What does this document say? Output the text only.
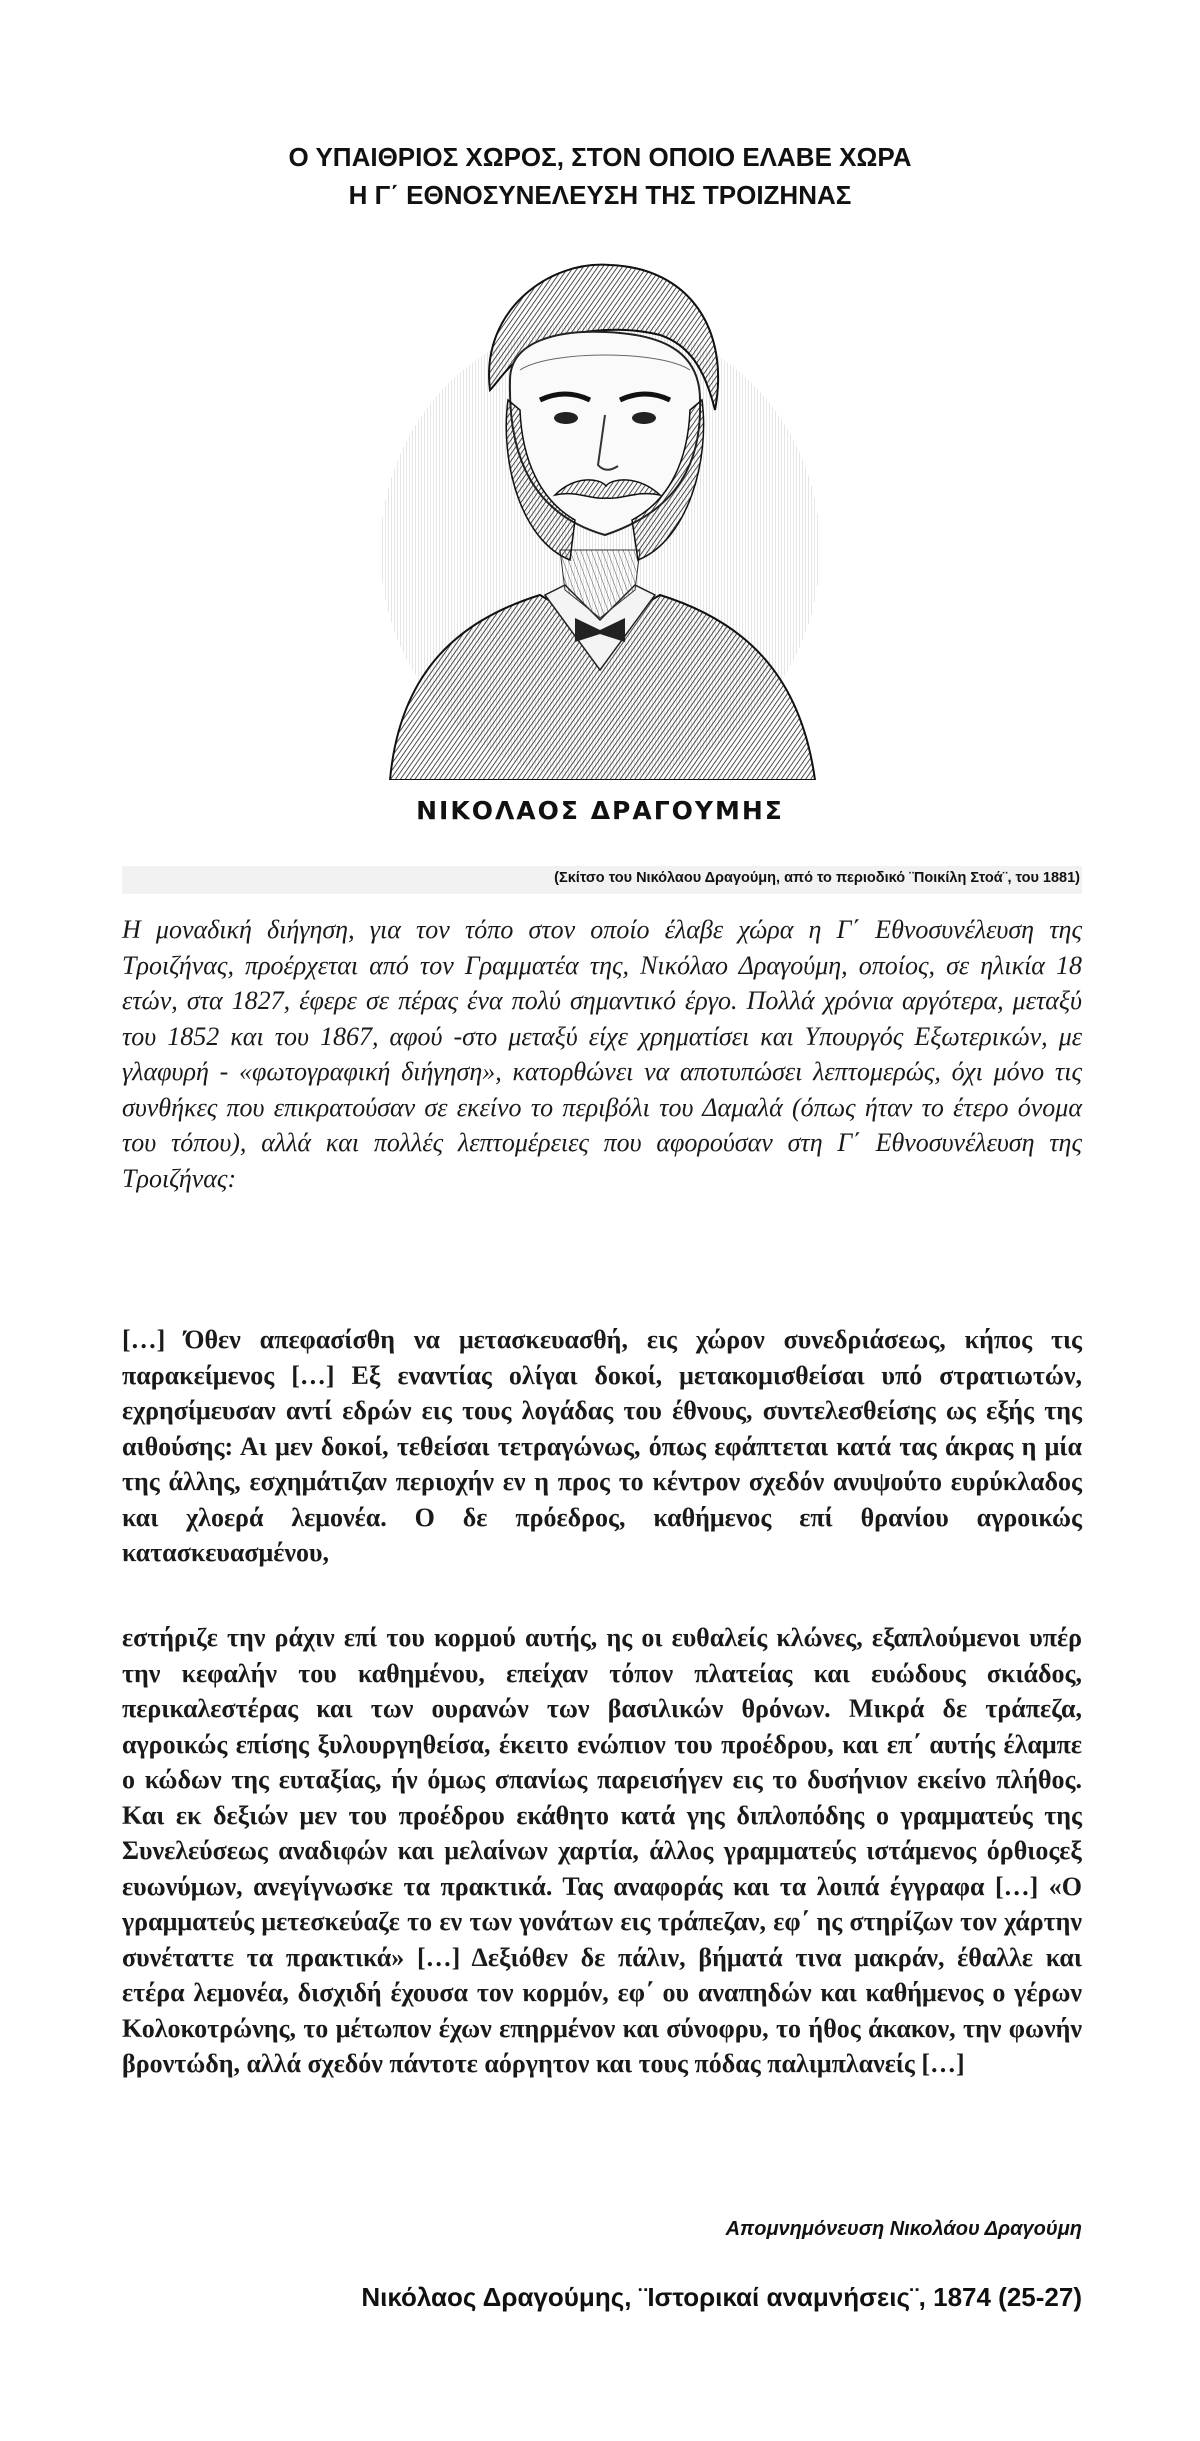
Ο ΥΠΑΙΘΡΙΟΣ ΧΩΡΟΣ, ΣΤΟΝ ΟΠΟΙΟ ΕΛΑΒΕ ΧΩΡΑ
Η Γ΄ ΕΘΝΟΣΥΝΕΛΕΥΣΗ ΤΗΣ ΤΡΟΙΖΗΝΑΣ
ΝΙΚΟΛΑΟΣ ΔΡΑΓΟΥΜΗΣ
(Σκίτσο του Νικόλαου Δραγούμη, από το περιοδικό ¨Ποικίλη Στοά¨, του 1881)
Η μοναδική διήγηση, για τον τόπο στον οποίο έλαβε χώρα η Γ΄ Εθνοσυνέλευση της Τροιζήνας, προέρχεται από τον Γραμματέα της, Νικόλαο Δραγούμη, οποίος, σε ηλικία 18 ετών, στα 1827, έφερε σε πέρας ένα πολύ σημαντικό έργο. Πολλά χρόνια αργότερα, μεταξύ του 1852 και του 1867, αφού -στο μεταξύ είχε χρηματίσει και Υπουργός Εξωτερικών, με γλαφυρή - «φωτογραφική διήγηση», κατορθώνει να αποτυπώσει λεπτομερώς, όχι μόνο τις συνθήκες που επικρατούσαν σε εκείνο το περιβόλι του Δαμαλά (όπως ήταν το έτερο όνομα του τόπου), αλλά και πολλές λεπτομέρειες που αφορούσαν στη Γ΄ Εθνοσυνέλευση της Τροιζήνας:
[…] Όθεν απεφασίσθη να μετασκευασθή, εις χώρον συνεδριάσεως, κήπος τις παρακείμενος […] Εξ εναντίας ολίγαι δοκοί, μετακομισθείσαι υπό στρατιωτών, εχρησίμευσαν αντί εδρών εις τους λογάδας του έθνους, συντελεσθείσης ως εξής της αιθούσης: Αι μεν δοκοί, τεθείσαι τετραγώνως, όπως εφάπτεται κατά τας άκρας η μία της άλλης, εσχημάτιζαν περιοχήν εν η προς το κέντρον σχεδόν ανυψούτο ευρύκλαδος και χλοερά λεμονέα. Ο δε πρόεδρος, καθήμενος επί θρανίου αγροικώς κατασκευασμένου,
εστήριζε την ράχιν επί του κορμού αυτής, ης οι ευθαλείς κλώνες, εξαπλούμενοι υπέρ την κεφαλήν του καθημένου, επείχαν τόπον πλατείας και ευώδους σκιάδος, περικαλεστέρας και των ουρανών των βασιλικών θρόνων. Μικρά δε τράπεζα, αγροικώς επίσης ξυλουργηθείσα, έκειτο ενώπιον του προέδρου, και επ΄ αυτής έλαμπε ο κώδων της ευταξίας, ήν όμως σπανίως παρεισήγεν εις το δυσήνιον εκείνο πλήθος. Και εκ δεξιών μεν του προέδρου εκάθητο κατά γης διπλοπόδης ο γραμματεύς της Συνελεύσεως αναδιφών και μελαίνων χαρτία, άλλος γραμματεύς ιστάμενος όρθιοςεξ ευωνύμων, ανεγίγνωσκε τα πρακτικά. Τας αναφοράς και τα λοιπά έγγραφα […] «Ο γραμματεύς μετεσκεύαζε το εν των γονάτων εις τράπεζαν, εφ΄ ης στηρίζων τον χάρτην συνέταττε τα πρακτικά» […] Δεξιόθεν δε πάλιν, βήματά τινα μακράν, έθαλλε και ετέρα λεμονέα, δισχιδή έχουσα τον κορμόν, εφ΄ ου αναπηδών και καθήμενος ο γέρων Κολοκοτρώνης, το μέτωπον έχων επηρμένον και σύνοφρυ, το ήθος άκακον, την φωνήν βροντώδη, αλλά σχεδόν πάντοτε αόργητον και τους πόδας παλιμπλανείς […]
Απομνημόνευση Νικολάου Δραγούμη
Νικόλαος Δραγούμης, ¨Ιστορικαί αναμνήσεις¨, 1874 (25-27)
